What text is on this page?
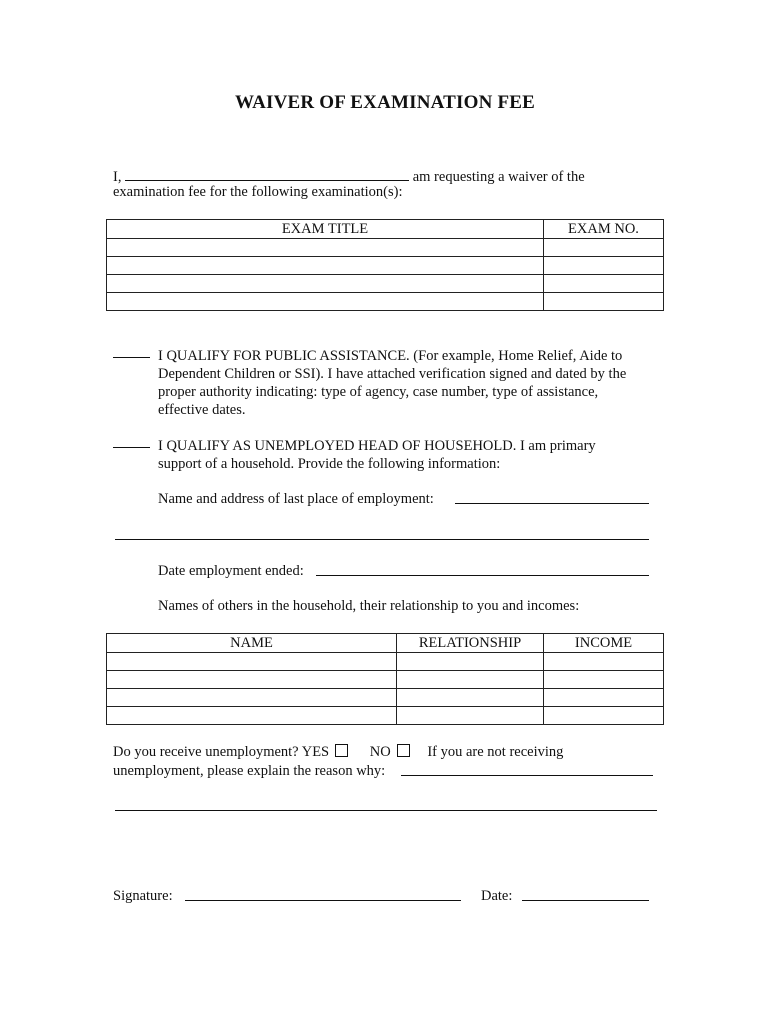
WAIVER OF EXAMINATION FEE
I,	am requesting a waiver of the
examination fee for the following examination(s):
EXAM TITLE	EXAM NO.

I QUALIFY FOR PUBLIC ASSISTANCE. (For example, Home Relief, Aide to
Dependent Children or SSI). I have attached verification signed and dated by the
proper authority indicating: type of agency, case number, type of assistance,
effective dates.
I QUALIFY AS UNEMPLOYED HEAD OF HOUSEHOLD. I am primary
support of a household. Provide the following information:
Name and address of last place of employment:
Date employment ended:
Names of others in the household, their relationship to you and incomes:
NAME	RELATIONSHIP	INCOME

Do you receive unemployment? YES	NO	If you are not receiving
unemployment, please explain the reason why:
Signature:	Date:
